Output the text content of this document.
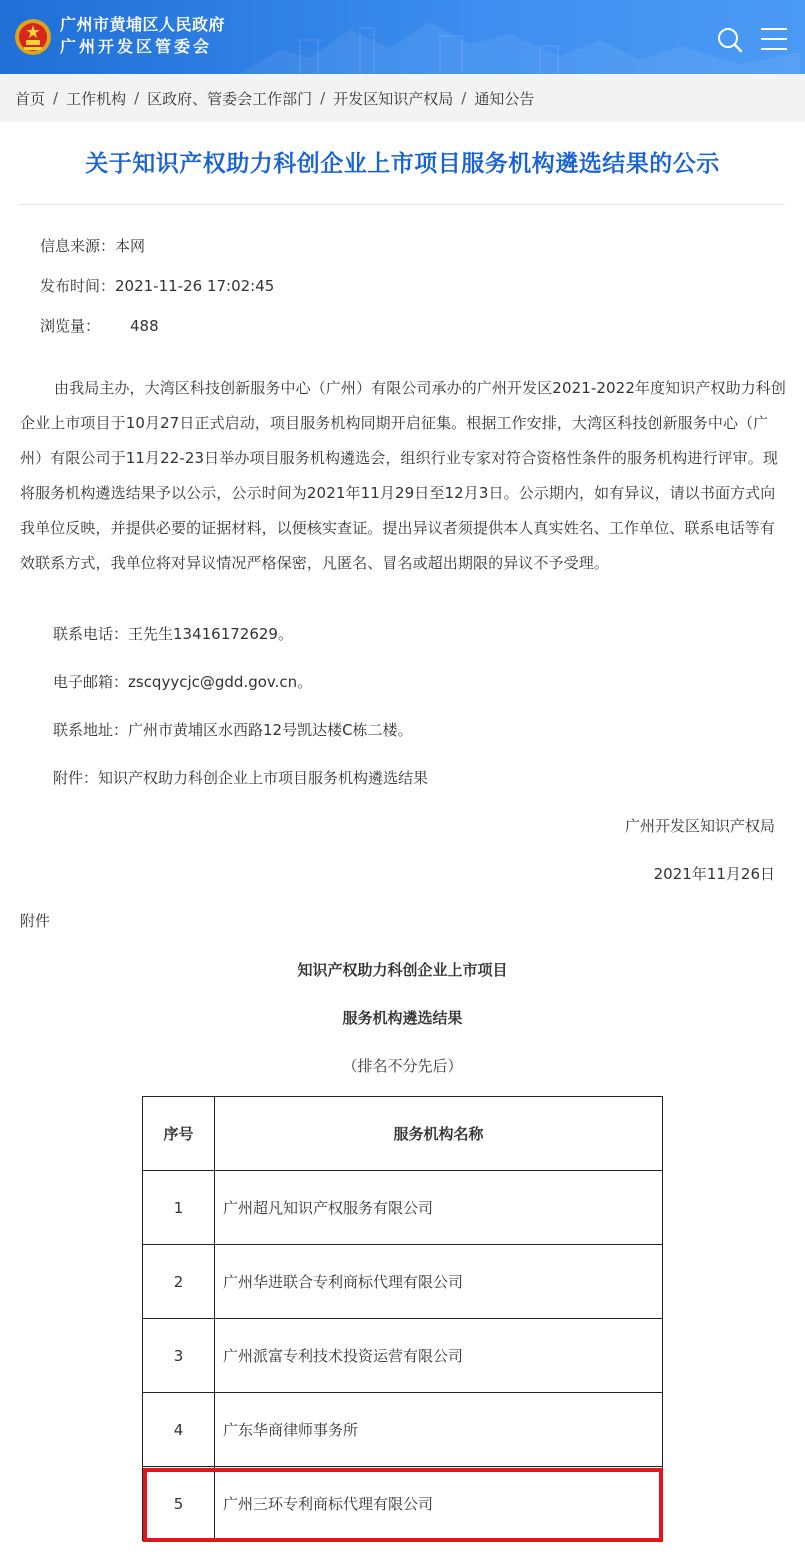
广州市黄埔区人民政府
广州开发区管委会
首页 / 工作机构 / 区政府、管委会工作部门 / 开发区知识产权局 / 通知公告
关于知识产权助力科创企业上市项目服务机构遴选结果的公示
信息来源：本网
发布时间：2021-11-26 17:02:45
浏览量： 488
由我局主办，大湾区科技创新服务中心（广州）有限公司承办的广州开发区2021-2022年度知识产权助力科创企业上市项目于10月27日正式启动，项目服务机构同期开启征集。根据工作安排，大湾区科技创新服务中心（广州）有限公司于11月22-23日举办项目服务机构遴选会，组织行业专家对符合资格性条件的服务机构进行评审。现将服务机构遴选结果予以公示，公示时间为2021年11月29日至12月3日。公示期内，如有异议，请以书面方式向我单位反映，并提供必要的证据材料，以便核实查证。提出异议者须提供本人真实姓名、工作单位、联系电话等有效联系方式，我单位将对异议情况严格保密，凡匿名、冒名或超出期限的异议不予受理。
联系电话：王先生13416172629。
电子邮箱：zscqyycjc@gdd.gov.cn。
联系地址：广州市黄埔区水西路12号凯达楼C栋二楼。
附件：知识产权助力科创企业上市项目服务机构遴选结果
广州开发区知识产权局
2021年11月26日
附件
知识产权助力科创企业上市项目
服务机构遴选结果
（排名不分先后）
序号	服务机构名称
1	广州超凡知识产权服务有限公司
2	广州华进联合专利商标代理有限公司
3	广州派富专利技术投资运营有限公司
4	广东华商律师事务所
5	广州三环专利商标代理有限公司
